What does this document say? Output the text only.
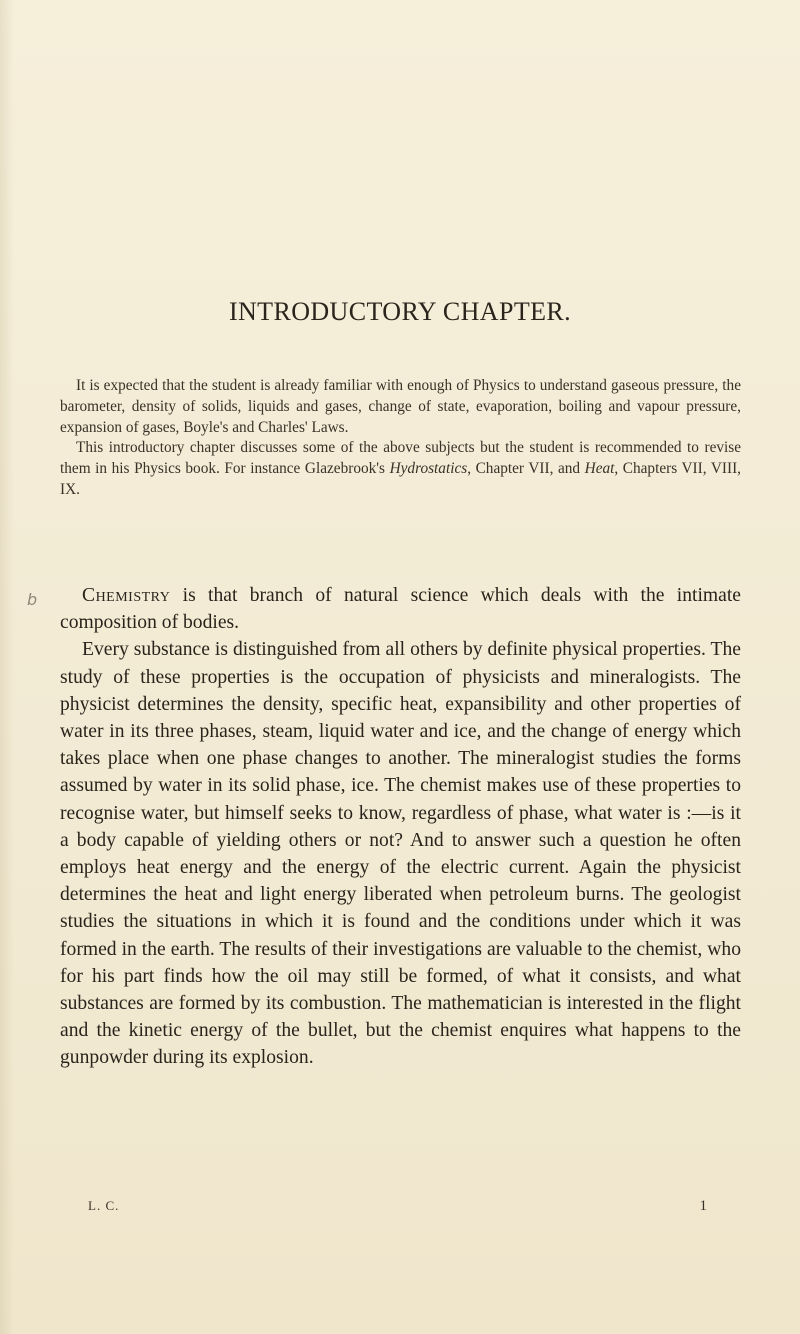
INTRODUCTORY CHAPTER.

It is expected that the student is already familiar with enough of Physics to understand gaseous pressure, the barometer, density of solids, liquids and gases, change of state, evaporation, boiling and vapour pressure, expansion of gases, Boyle's and Charles' Laws.

This introductory chapter discusses some of the above subjects but the student is recommended to revise them in his Physics book. For instance Glazebrook's Hydrostatics, Chapter VII, and Heat, Chapters VII, VIII, IX.

b	Chemistry is that branch of natural science which deals with the intimate composition of bodies.

Every substance is distinguished from all others by definite physical properties. The study of these properties is the occupation of physicists and mineralogists. The physicist determines the density, specific heat, expansibility and other properties of water in its three phases, steam, liquid water and ice, and the change of energy which takes place when one phase changes to another. The mineralogist studies the forms assumed by water in its solid phase, ice. The chemist makes use of these properties to recognise water, but himself seeks to know, regardless of phase, what water is :—is it a body capable of yielding others or not? And to answer such a question he often employs heat energy and the energy of the electric current. Again the physicist determines the heat and light energy liberated when petroleum burns. The geologist studies the situations in which it is found and the conditions under which it was formed in the earth. The results of their investigations are valuable to the chemist, who for his part finds how the oil may still be formed, of what it consists, and what substances are formed by its combustion. The mathematician is interested in the flight and the kinetic energy of the bullet, but the chemist enquires what happens to the gunpowder during its explosion.

L. C.	1
